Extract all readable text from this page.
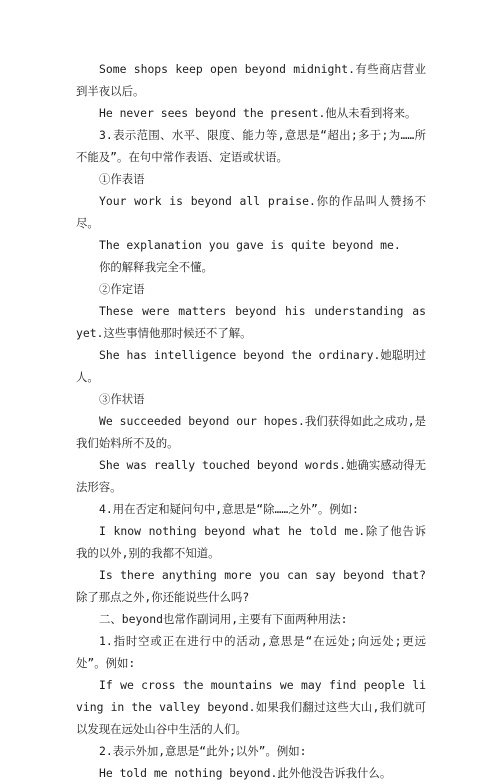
Some shops keep open beyond midnight.有些商店营业到半夜以后。

He never sees beyond the present.他从未看到将来。

3.表示范围、水平、限度、能力等,意思是“超出;多于;为……所不能及”。在句中常作表语、定语或状语。

①作表语

Your work is beyond all praise.你的作品叫人赞扬不尽。

The explanation you gave is quite beyond me.

你的解释我完全不懂。

②作定语

These were matters beyond his understanding as yet.这些事情他那时候还不了解。

She has intelligence beyond the ordinary.她聪明过人。

③作状语

We succeeded beyond our hopes.我们获得如此之成功,是我们始料所不及的。

She was really touched beyond words.她确实感动得无法形容。

4.用在否定和疑问句中,意思是“除……之外”。例如:

I know nothing beyond what he told me.除了他告诉我的以外,别的我都不知道。

Is there anything more you can say beyond that?除了那点之外,你还能说些什么吗?

二、beyond也常作副词用,主要有下面两种用法:

1.指时空或正在进行中的活动,意思是“在远处;向远处;更远处”。例如:

If we cross the mountains we may find people living in the valley beyond.如果我们翻过这些大山,我们就可以发现在远处山谷中生活的人们。

2.表示外加,意思是“此外;以外”。例如:

He told me nothing beyond.此外他没告诉我什么。
